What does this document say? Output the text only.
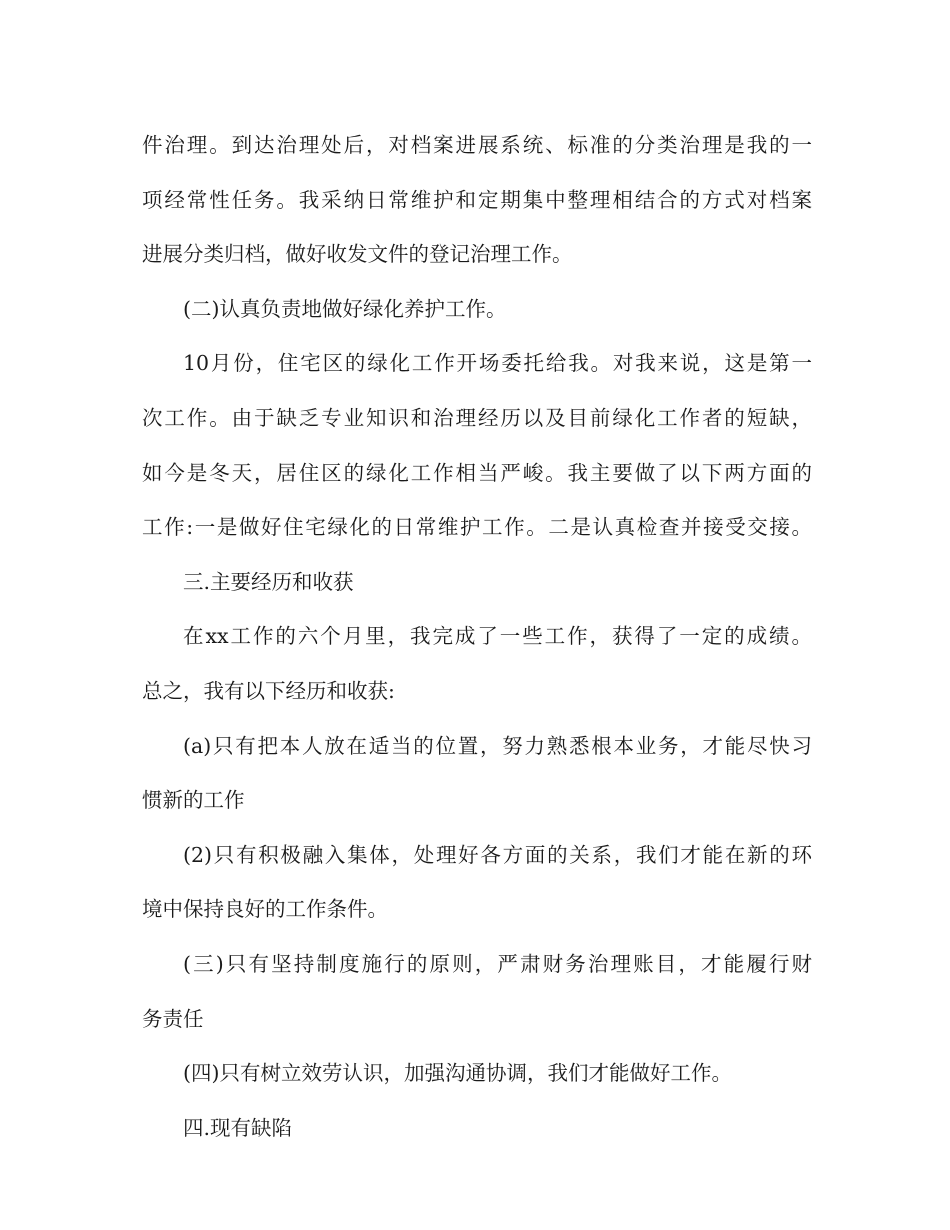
件治理。到达治理处后，对档案进展系统、标准的分类治理是我的一
项经常性任务。我采纳日常维护和定期集中整理相结合的方式对档案
进展分类归档，做好收发文件的登记治理工作。
(二)认真负责地做好绿化养护工作。
10月份，住宅区的绿化工作开场委托给我。对我来说，这是第一
次工作。由于缺乏专业知识和治理经历以及目前绿化工作者的短缺，
如今是冬天，居住区的绿化工作相当严峻。我主要做了以下两方面的
工作:一是做好住宅绿化的日常维护工作。二是认真检查并接受交接。
三.主要经历和收获
在xx工作的六个月里，我完成了一些工作，获得了一定的成绩。
总之，我有以下经历和收获:
(a)只有把本人放在适当的位置，努力熟悉根本业务，才能尽快习
惯新的工作
(2)只有积极融入集体，处理好各方面的关系，我们才能在新的环
境中保持良好的工作条件。
(三)只有坚持制度施行的原则，严肃财务治理账目，才能履行财
务责任
(四)只有树立效劳认识，加强沟通协调，我们才能做好工作。
四.现有缺陷
